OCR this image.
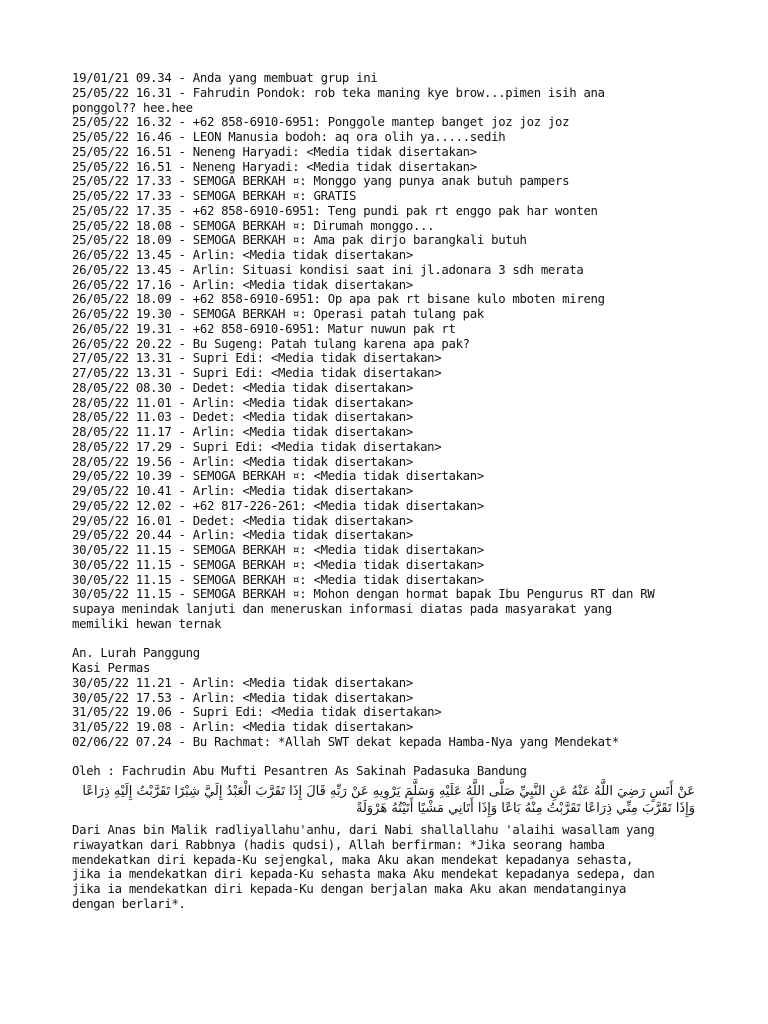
19/01/21 09.34 - Anda yang membuat grup ini
25/05/22 16.31 - Fahrudin Pondok: rob teka maning kye brow...pimen isih ana
ponggol?? hee.hee
25/05/22 16.32 - +62 858-6910-6951: Ponggole mantep banget joz joz joz
25/05/22 16.46 - LEON Manusia bodoh: aq ora olih ya.....sedih
25/05/22 16.51 - Neneng Haryadi: <Media tidak disertakan>
25/05/22 16.51 - Neneng Haryadi: <Media tidak disertakan>
25/05/22 17.33 - SEMOGA BERKAH ¤: Monggo yang punya anak butuh pampers
25/05/22 17.33 - SEMOGA BERKAH ¤: GRATIS
25/05/22 17.35 - +62 858-6910-6951: Teng pundi pak rt enggo pak har wonten
25/05/22 18.08 - SEMOGA BERKAH ¤: Dirumah monggo...
25/05/22 18.09 - SEMOGA BERKAH ¤: Ama pak dirjo barangkali butuh
26/05/22 13.45 - Arlin: <Media tidak disertakan>
26/05/22 13.45 - Arlin: Situasi kondisi saat ini jl.adonara 3 sdh merata
26/05/22 17.16 - Arlin: <Media tidak disertakan>
26/05/22 18.09 - +62 858-6910-6951: Op apa pak rt bisane kulo mboten mireng
26/05/22 19.30 - SEMOGA BERKAH ¤: Operasi patah tulang pak
26/05/22 19.31 - +62 858-6910-6951: Matur nuwun pak rt
26/05/22 20.22 - Bu Sugeng: Patah tulang karena apa pak?
27/05/22 13.31 - Supri Edi: <Media tidak disertakan>
27/05/22 13.31 - Supri Edi: <Media tidak disertakan>
28/05/22 08.30 - Dedet: <Media tidak disertakan>
28/05/22 11.01 - Arlin: <Media tidak disertakan>
28/05/22 11.03 - Dedet: <Media tidak disertakan>
28/05/22 11.17 - Arlin: <Media tidak disertakan>
28/05/22 17.29 - Supri Edi: <Media tidak disertakan>
28/05/22 19.56 - Arlin: <Media tidak disertakan>
29/05/22 10.39 - SEMOGA BERKAH ¤: <Media tidak disertakan>
29/05/22 10.41 - Arlin: <Media tidak disertakan>
29/05/22 12.02 - +62 817-226-261: <Media tidak disertakan>
29/05/22 16.01 - Dedet: <Media tidak disertakan>
29/05/22 20.44 - Arlin: <Media tidak disertakan>
30/05/22 11.15 - SEMOGA BERKAH ¤: <Media tidak disertakan>
30/05/22 11.15 - SEMOGA BERKAH ¤: <Media tidak disertakan>
30/05/22 11.15 - SEMOGA BERKAH ¤: <Media tidak disertakan>
30/05/22 11.15 - SEMOGA BERKAH ¤: Mohon dengan hormat bapak Ibu Pengurus RT dan RW
supaya menindak lanjuti dan meneruskan informasi diatas pada masyarakat yang
memiliki hewan ternak
An. Lurah Panggung
Kasi Permas
30/05/22 11.21 - Arlin: <Media tidak disertakan>
30/05/22 17.53 - Arlin: <Media tidak disertakan>
31/05/22 19.06 - Supri Edi: <Media tidak disertakan>
31/05/22 19.08 - Arlin: <Media tidak disertakan>
02/06/22 07.24 - Bu Rachmat: *Allah SWT dekat kepada Hamba-Nya yang Mendekat*
Oleh : Fachrudin Abu Mufti Pesantren As Sakinah Padasuka Bandung
عَنْ أَنَسٍ رَضِيَ اللَّهُ عَنْهُ عَنِ النَّبِيِّ صَلَّى اللَّهُ عَلَيْهِ وَسَلَّمَ يَرْوِيهِ عَنْ رَبِّهِ قَالَ إِذَا تَقَرَّبَ الْعَبْدُ إِلَيَّ شِبْرًا تَقَرَّبْتُ إِلَيْهِ ذِرَاعًا وَإِذَا تَقَرَّبَ مِنِّي ذِرَاعًا تَقَرَّبْتُ مِنْهُ بَاعًا وَإِذَا أَتَانِي مَشْيًا أَتَيْتُهُ هَرْوَلَةً
Dari Anas bin Malik radliyallahu'anhu, dari Nabi shallallahu 'alaihi wasallam yang
riwayatkan dari Rabbnya (hadis qudsi), Allah berfirman: *Jika seorang hamba
mendekatkan diri kepada-Ku sejengkal, maka Aku akan mendekat kepadanya sehasta,
jika ia mendekatkan diri kepada-Ku sehasta maka Aku mendekat kepadanya sedepa, dan
jika ia mendekatkan diri kepada-Ku dengan berjalan maka Aku akan mendatanginya
dengan berlari*.
